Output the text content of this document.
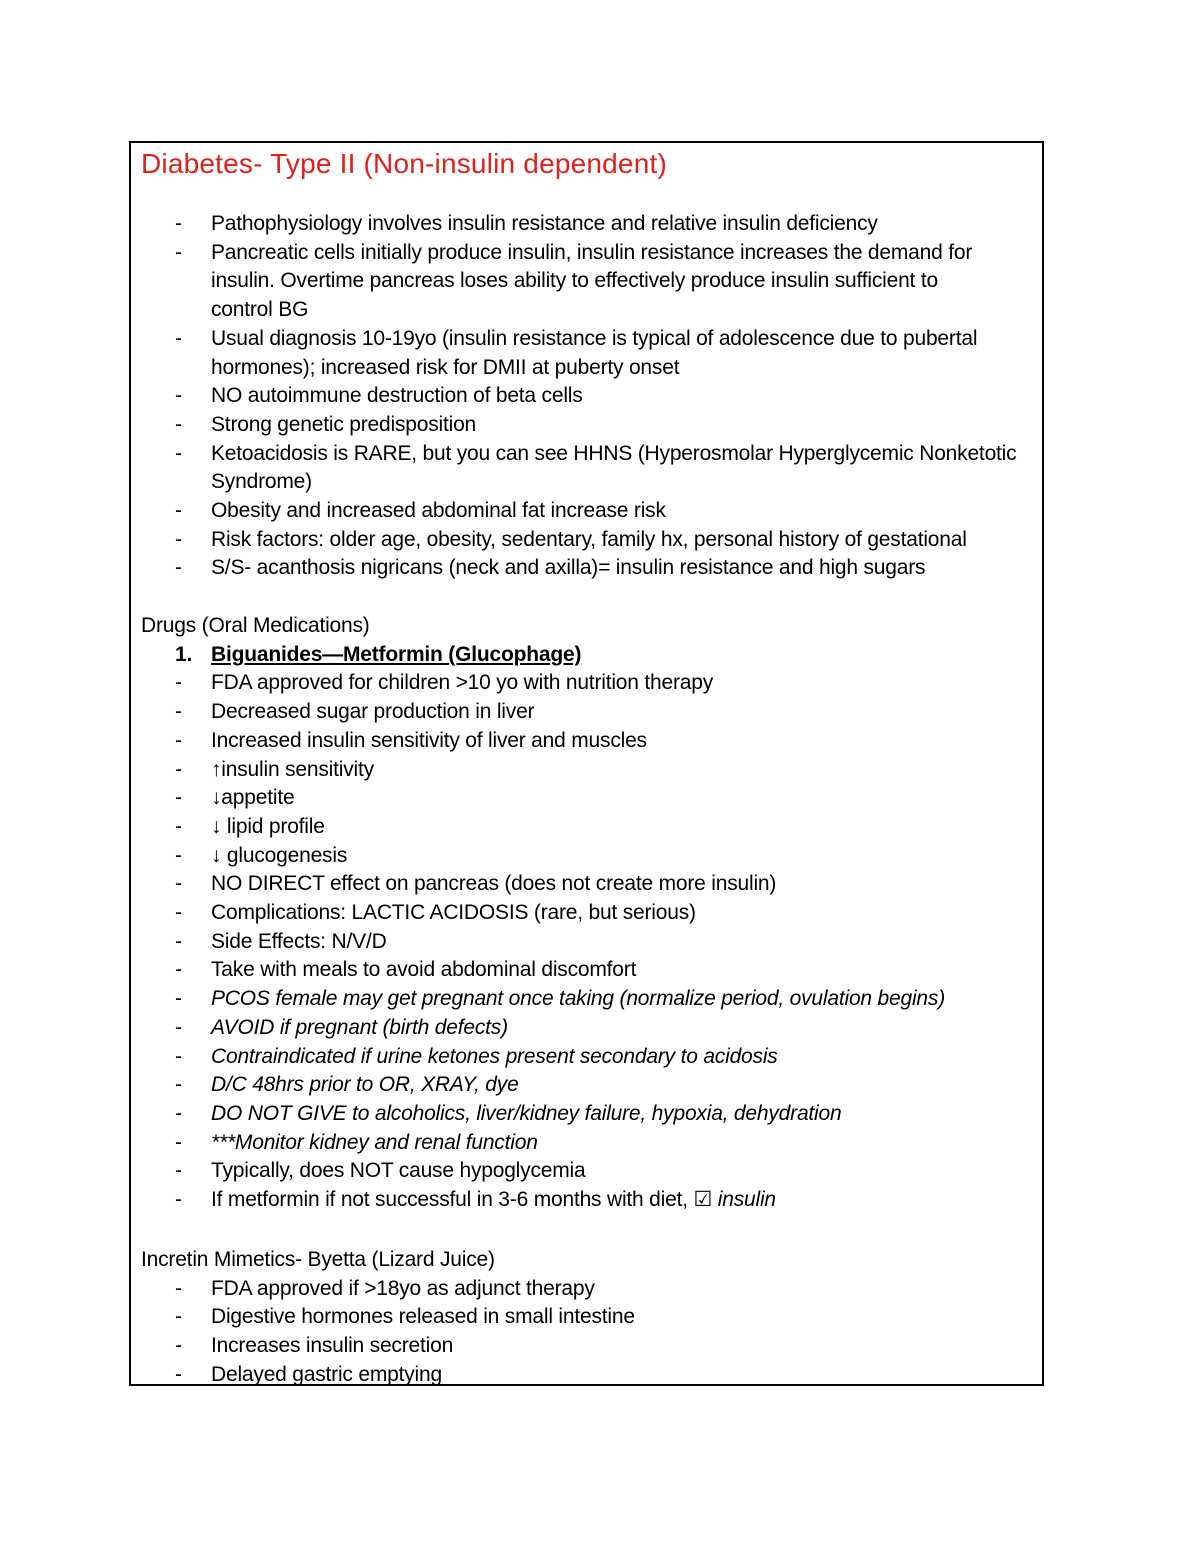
Diabetes- Type II (Non-insulin dependent)
- Pathophysiology involves insulin resistance and relative insulin deficiency
- Pancreatic cells initially produce insulin, insulin resistance increases the demand for
insulin. Overtime pancreas loses ability to effectively produce insulin sufficient to
control BG
- Usual diagnosis 10-19yo (insulin resistance is typical of adolescence due to pubertal
hormones); increased risk for DMII at puberty onset
- NO autoimmune destruction of beta cells
- Strong genetic predisposition
- Ketoacidosis is RARE, but you can see HHNS (Hyperosmolar Hyperglycemic Nonketotic
Syndrome)
- Obesity and increased abdominal fat increase risk
- Risk factors: older age, obesity, sedentary, family hx, personal history of gestational
- S/S- acanthosis nigricans (neck and axilla)= insulin resistance and high sugars
Drugs (Oral Medications)
1. Biguanides—Metformin (Glucophage)
- FDA approved for children >10 yo with nutrition therapy
- Decreased sugar production in liver
- Increased insulin sensitivity of liver and muscles
- ↑insulin sensitivity
- ↓appetite
- ↓ lipid profile
- ↓ glucogenesis
- NO DIRECT effect on pancreas (does not create more insulin)
- Complications: LACTIC ACIDOSIS (rare, but serious)
- Side Effects: N/V/D
- Take with meals to avoid abdominal discomfort
- PCOS female may get pregnant once taking (normalize period, ovulation begins)
- AVOID if pregnant (birth defects)
- Contraindicated if urine ketones present secondary to acidosis
- D/C 48hrs prior to OR, XRAY, dye
- DO NOT GIVE to alcoholics, liver/kidney failure, hypoxia, dehydration
- ***Monitor kidney and renal function
- Typically, does NOT cause hypoglycemia
- If metformin if not successful in 3-6 months with diet, ☑ insulin
Incretin Mimetics- Byetta (Lizard Juice)
- FDA approved if >18yo as adjunct therapy
- Digestive hormones released in small intestine
- Increases insulin secretion
- Delayed gastric emptying
